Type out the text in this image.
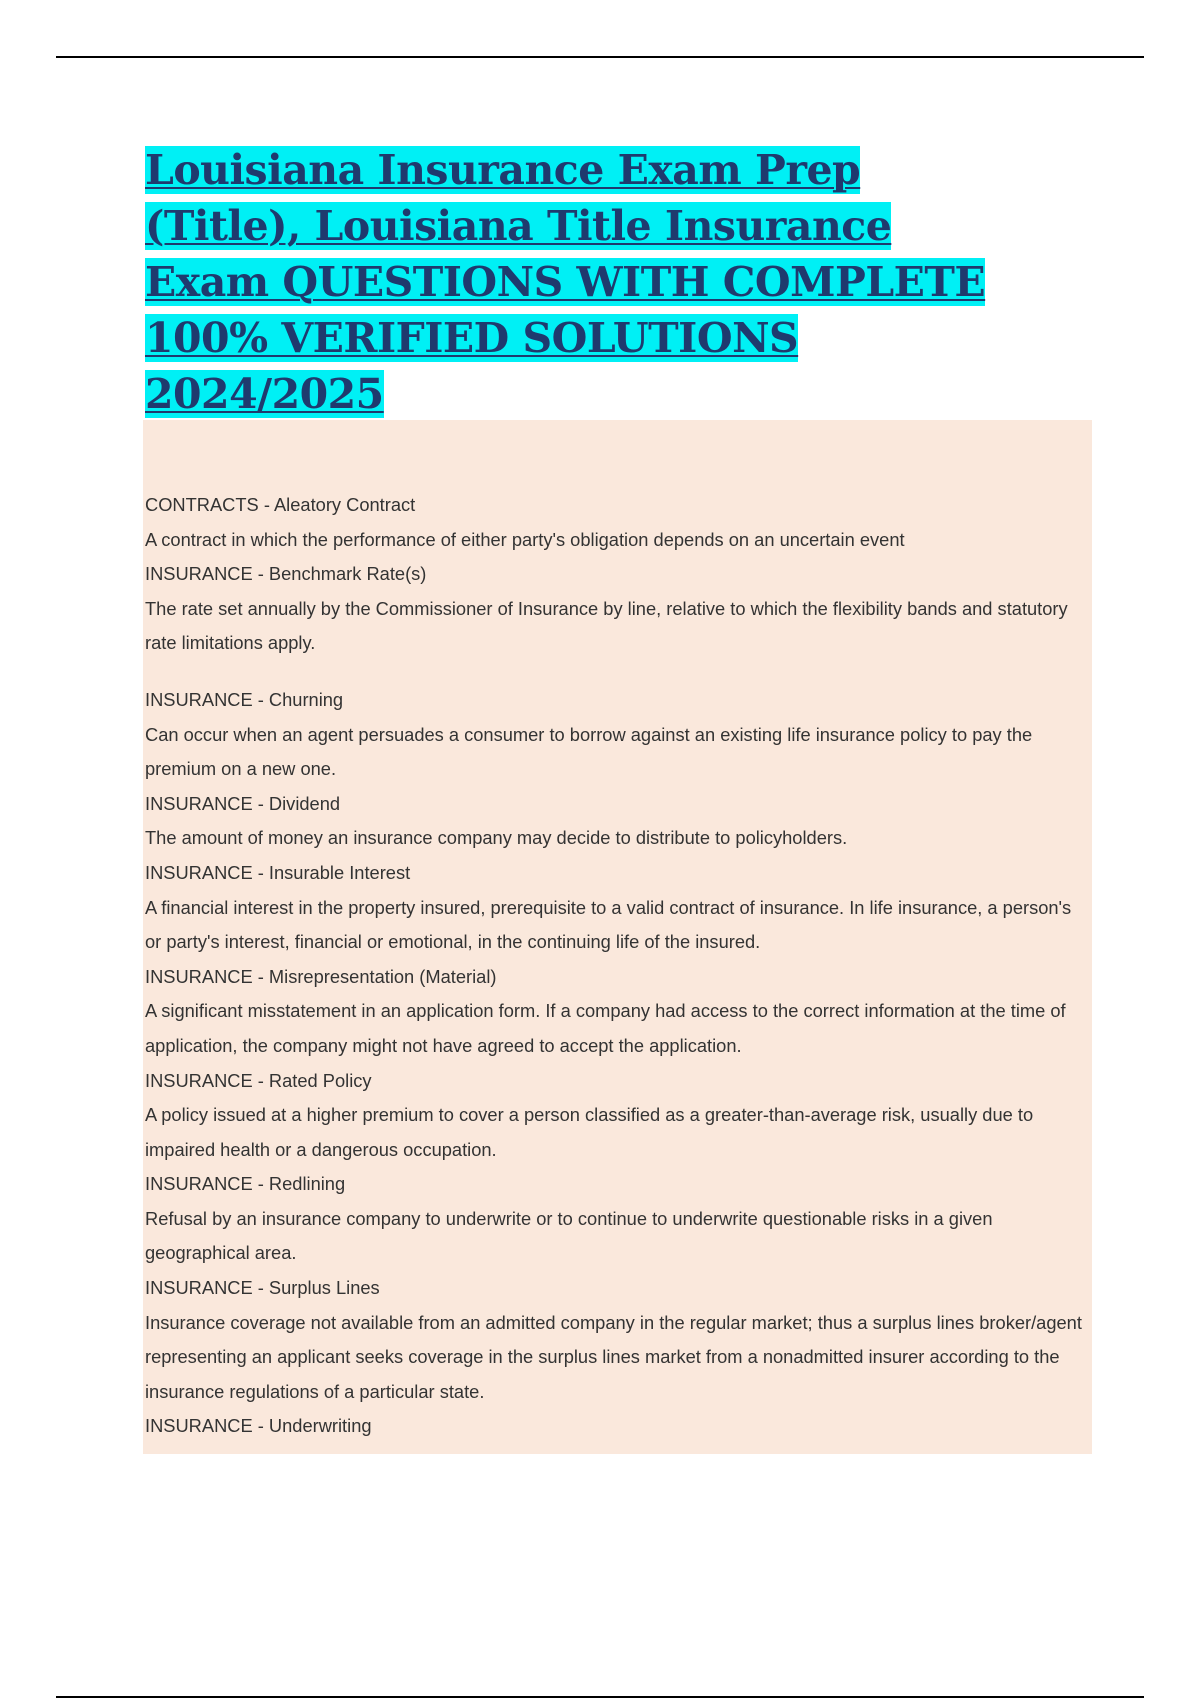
Louisiana Insurance Exam Prep
(Title), Louisiana Title Insurance
Exam QUESTIONS WITH COMPLETE
100% VERIFIED SOLUTIONS
2024/2025
CONTRACTS - Aleatory Contract
A contract in which the performance of either party's obligation depends on an uncertain event
INSURANCE - Benchmark Rate(s)
The rate set annually by the Commissioner of Insurance by line, relative to which the flexibility bands and statutory rate limitations apply.
INSURANCE - Churning
Can occur when an agent persuades a consumer to borrow against an existing life insurance policy to pay the premium on a new one.
INSURANCE - Dividend
The amount of money an insurance company may decide to distribute to policyholders.
INSURANCE - Insurable Interest
A financial interest in the property insured, prerequisite to a valid contract of insurance. In life insurance, a person's or party's interest, financial or emotional, in the continuing life of the insured.
INSURANCE - Misrepresentation (Material)
A significant misstatement in an application form. If a company had access to the correct information at the time of application, the company might not have agreed to accept the application.
INSURANCE - Rated Policy
A policy issued at a higher premium to cover a person classified as a greater-than-average risk, usually due to impaired health or a dangerous occupation.
INSURANCE - Redlining
Refusal by an insurance company to underwrite or to continue to underwrite questionable risks in a given geographical area.
INSURANCE - Surplus Lines
Insurance coverage not available from an admitted company in the regular market; thus a surplus lines broker/agent representing an applicant seeks coverage in the surplus lines market from a nonadmitted insurer according to the insurance regulations of a particular state.
INSURANCE - Underwriting
